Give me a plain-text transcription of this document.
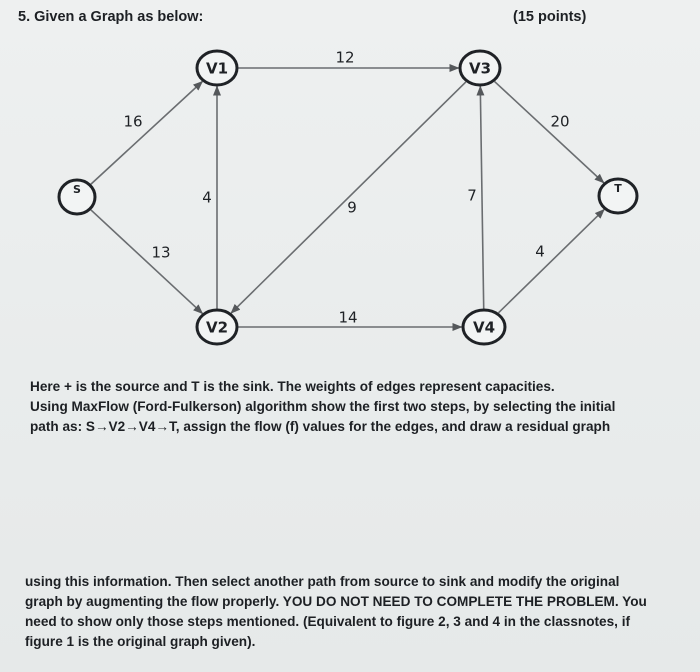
5. Given a Graph as below:	(15 points)
S
V1
V2
V3
V4
T
16
13
12
4
9
7
14
20
4
Here + is the source and T is the sink. The weights of edges represent capacities.
Using MaxFlow (Ford-Fulkerson) algorithm show the first two steps, by selecting the initial
path as: S→V2→V4→T, assign the flow (f) values for the edges, and draw a residual graph
using this information. Then select another path from source to sink and modify the original
graph by augmenting the flow properly. YOU DO NOT NEED TO COMPLETE THE PROBLEM. You
need to show only those steps mentioned. (Equivalent to figure 2, 3 and 4 in the classnotes, if
figure 1 is the original graph given).
